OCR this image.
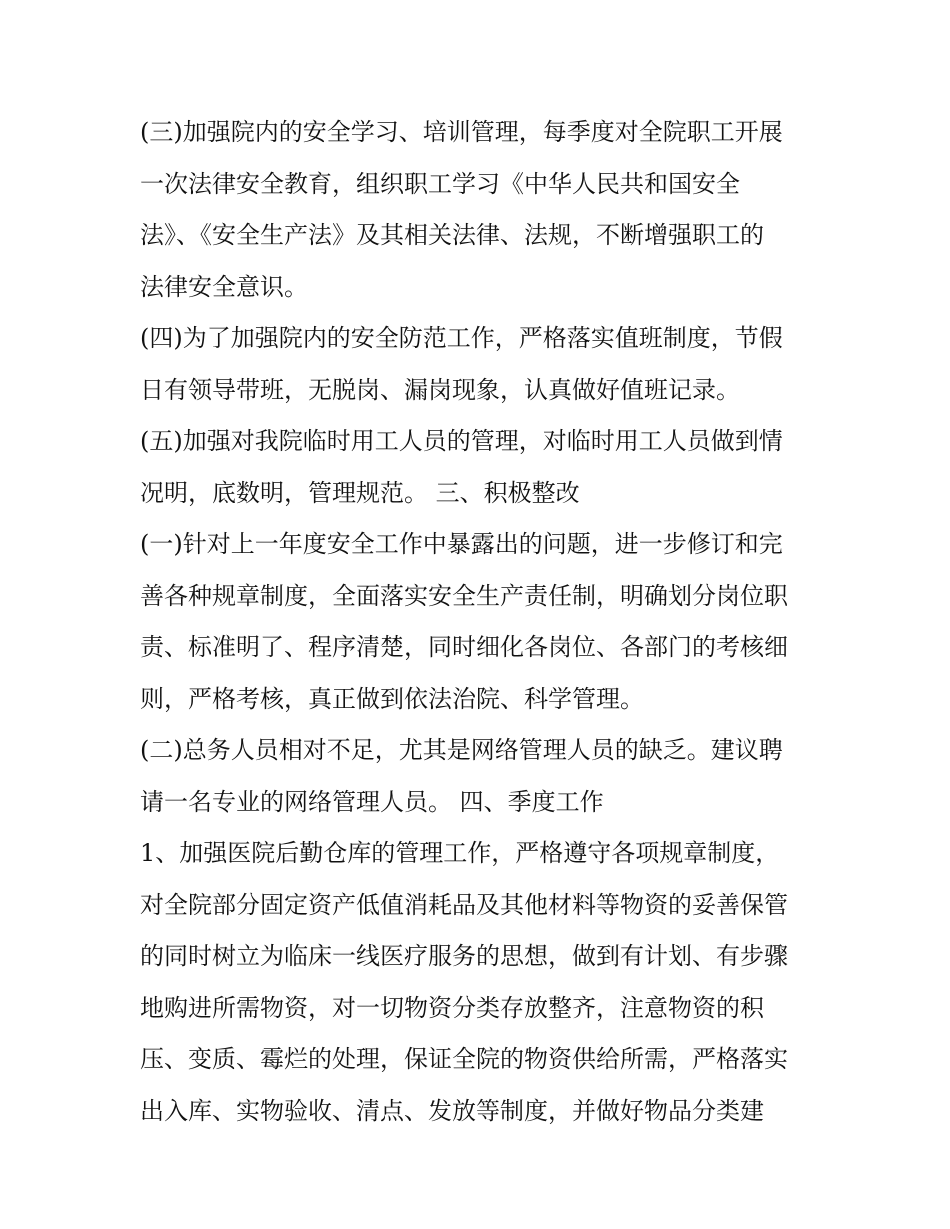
(三)加强院内的安全学习、培训管理，每季度对全院职工开展
一次法律安全教育，组织职工学习《中华人民共和国安全
法》、《安全生产法》及其相关法律、法规，不断增强职工的
法律安全意识。
(四)为了加强院内的安全防范工作，严格落实值班制度，节假
日有领导带班，无脱岗、漏岗现象，认真做好值班记录。
(五)加强对我院临时用工人员的管理，对临时用工人员做到情
况明，底数明，管理规范。 三、积极整改
(一)针对上一年度安全工作中暴露出的问题，进一步修订和完
善各种规章制度，全面落实安全生产责任制，明确划分岗位职
责、标准明了、程序清楚，同时细化各岗位、各部门的考核细
则，严格考核，真正做到依法治院、科学管理。
(二)总务人员相对不足，尤其是网络管理人员的缺乏。建议聘
请一名专业的网络管理人员。 四、季度工作
1、加强医院后勤仓库的管理工作，严格遵守各项规章制度，
对全院部分固定资产低值消耗品及其他材料等物资的妥善保管
的同时树立为临床一线医疗服务的思想，做到有计划、有步骤
地购进所需物资，对一切物资分类存放整齐，注意物资的积
压、变质、霉烂的处理，保证全院的物资供给所需，严格落实
出入库、实物验收、清点、发放等制度，并做好物品分类建
